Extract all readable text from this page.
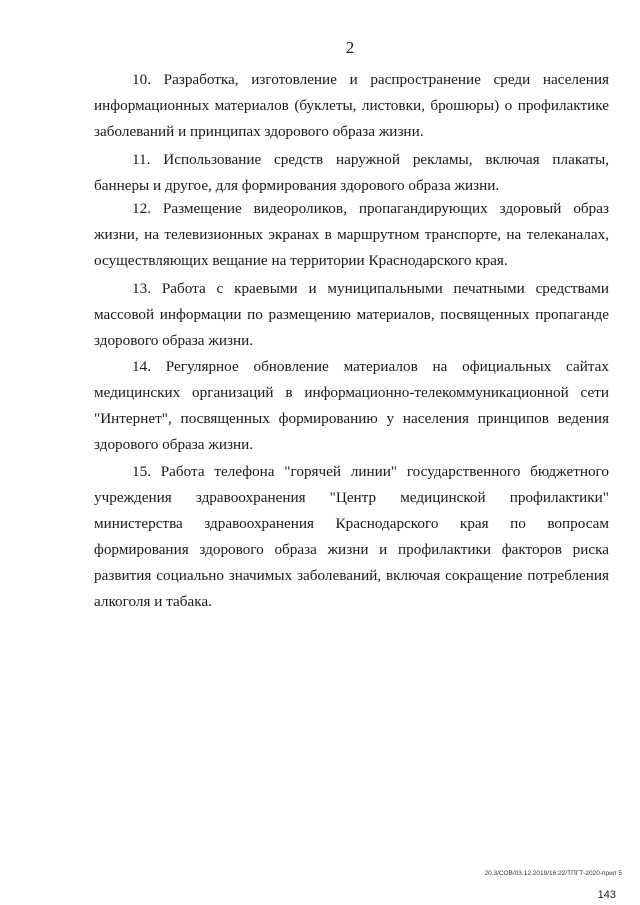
2

10. Разработка, изготовление и распространение среди населения информационных материалов (буклеты, листовки, брошюры) о профилактике заболеваний и принципах здорового образа жизни.

11. Использование средств наружной рекламы, включая плакаты, баннеры и другое, для формирования здорового образа жизни.

12. Размещение видеороликов, пропагандирующих здоровый образ жизни, на телевизионных экранах в маршрутном транспорте, на телеканалах, осуществляющих вещание на территории Краснодарского края.

13. Работа с краевыми и муниципальными печатными средствами массовой информации по размещению материалов, посвященных пропаганде здорового образа жизни.

14. Регулярное обновление материалов на официальных сайтах медицинских организаций в информационно-телекоммуникационной сети "Интернет", посвященных формированию у населения принципов ведения здорового образа жизни.

15. Работа телефона "горячей линии" государственного бюджетного учреждения здравоохранения "Центр медицинской профилактики" министерства здравоохранения Краснодарского края по вопросам формирования здорового образа жизни и профилактики факторов риска развития социально значимых заболеваний, включая сокращение потребления алкоголя и табака.

20.3/СОВ/03.12.2019/16:22/ТПГТ-2020-прил 5
143
